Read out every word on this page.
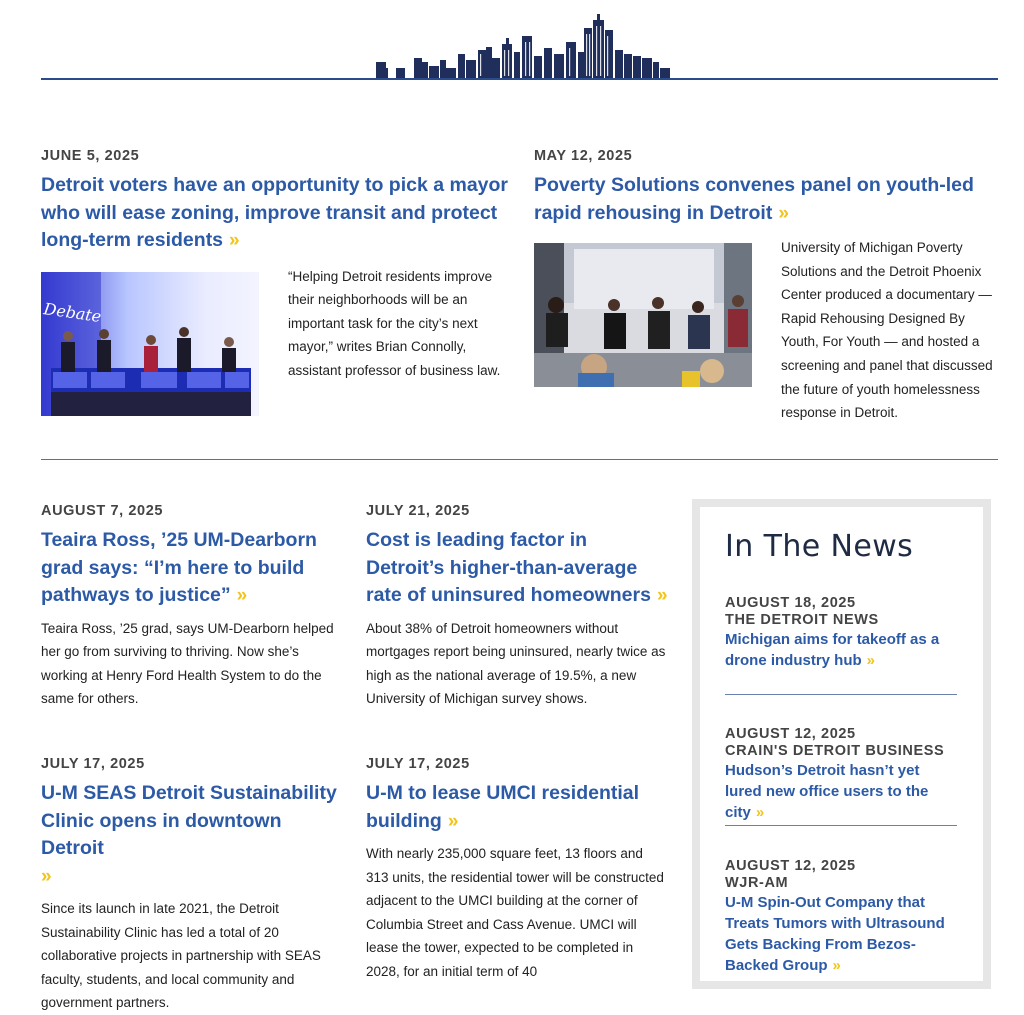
JUNE 5, 2025
Detroit voters have an opportunity to pick a mayor who will ease zoning, improve transit and protect long-term residents »
Debate

“Helping Detroit residents improve their neighborhoods will be an important task for the city’s next mayor,” writes Brian Connolly, assistant professor of business law.

MAY 12, 2025
Poverty Solutions convenes panel on youth-led rapid rehousing in Detroit »

University of Michigan Poverty Solutions and the Detroit Phoenix Center produced a documentary — Rapid Rehousing Designed By Youth, For Youth — and hosted a screening and panel that discussed the future of youth homelessness response in Detroit.

AUGUST 7, 2025
Teaira Ross, ’25 UM-Dearborn grad says: “I’m here to build pathways to justice” »

Teaira Ross, ’25 grad, says UM-Dearborn helped her go from surviving to thriving. Now she’s working at Henry Ford Health System to do the same for others.

JULY 21, 2025
Cost is leading factor in Detroit’s higher-than-average rate of uninsured homeowners »

About 38% of Detroit homeowners without mortgages report being uninsured, nearly twice as high as the national average of 19.5%, a new University of Michigan survey shows.

JULY 17, 2025
U-M SEAS Detroit Sustainability Clinic opens in downtown Detroit
»

Since its launch in late 2021, the Detroit Sustainability Clinic has led a total of 20 collaborative projects in partnership with SEAS faculty, students, and local community and government partners.

JULY 17, 2025
U-M to lease UMCI residential building »

With nearly 235,000 square feet, 13 floors and 313 units, the residential tower will be constructed adjacent to the UMCI building at the corner of Columbia Street and Cass Avenue. UMCI will lease the tower, expected to be completed in 2028, for an initial term of 40

In The News
AUGUST 18, 2025
THE DETROIT NEWS
Michigan aims for takeoff as a drone industry hub »
AUGUST 12, 2025
CRAIN'S DETROIT BUSINESS
Hudson’s Detroit hasn’t yet lured new office users to the city »
AUGUST 12, 2025
WJR-AM
U-M Spin-Out Company that Treats Tumors with Ultrasound Gets Backing From Bezos-Backed Group »
